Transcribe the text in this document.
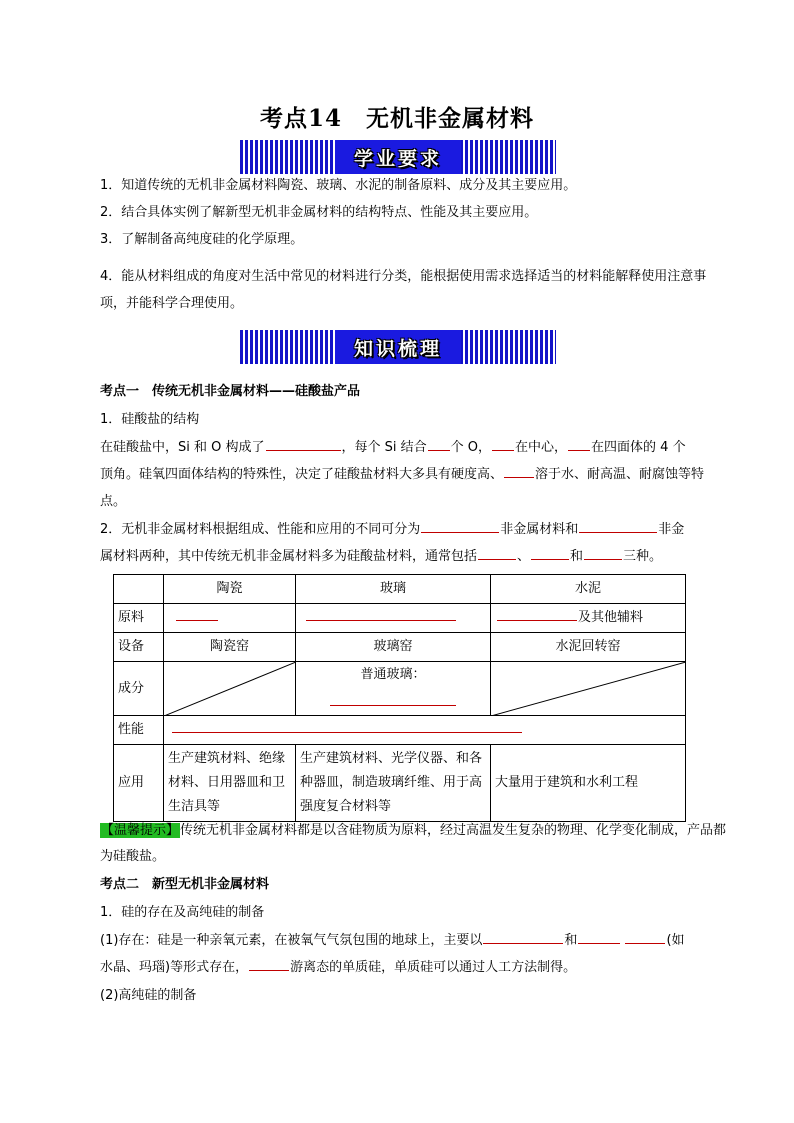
考点14　无机非金属材料
学业要求
1．知道传统的无机非金属材料陶瓷、玻璃、水泥的制备原料、成分及其主要应用。
2．结合具体实例了解新型无机非金属材料的结构特点、性能及其主要应用。
3．了解制备高纯度硅的化学原理。
4．能从材料组成的角度对生活中常见的材料进行分类，能根据使用需求选择适当的材料能解释使用注意事项，并能科学合理使用。
知识梳理
考点一　传统无机非金属材料——硅酸盐产品
1．硅酸盐的结构
在硅酸盐中，Si 和 O 构成了	，每个 Si 结合 个 O， 在中心， 在四面体的 4 个
顶角。硅氧四面体结构的特殊性，决定了硅酸盐材料大多具有硬度高、 溶于水、耐高温、耐腐蚀等特
点。
2．无机非金属材料根据组成、性能和应用的不同可分为	非金属材料和	非金
属材料两种，其中传统无机非金属材料多为硅酸盐材料，通常包括	、	和	三种。
	陶瓷	玻璃	水泥
原料			及其他辅料
设备	陶瓷窑	玻璃窑	水泥回转窑
成分		普通玻璃：

性能			
应用	生产建筑材料、绝缘材料、日用器皿和卫生洁具等	生产建筑材料、光学仪器、和各种器皿，制造玻璃纤维、用于高强度复合材料等	大量用于建筑和水利工程
【温馨提示】传统无机非金属材料都是以含硅物质为原料，经过高温发生复杂的物理、化学变化制成，产品都为硅酸盐。
考点二　新型无机非金属材料
1．硅的存在及高纯硅的制备
(1)存在：硅是一种亲氧元素，在被氧气气氛包围的地球上，主要以	和	(如
水晶、玛瑙)等形式存在，	游离态的单质硅，单质硅可以通过人工方法制得。
(2)高纯硅的制备
